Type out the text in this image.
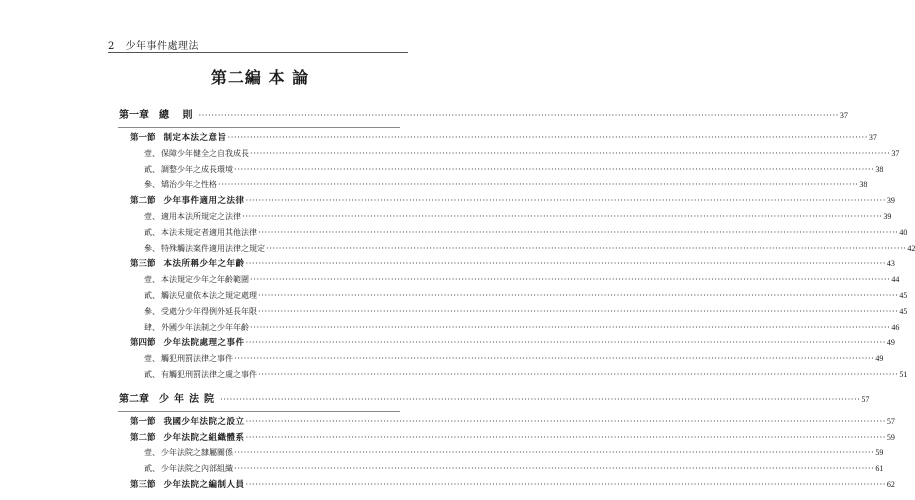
2 少年事件處理法
第二編 本 論
第一章 總 則 ········································································································································································································ 37
第一節 制定本法之意旨 ········································································································································································································ 37
壹、保障少年健全之自我成長 ········································································································································································································ 37
貳、調整少年之成長環境 ········································································································································································································ 38
參、矯治少年之性格 ········································································································································································································ 38
第二節 少年事件適用之法律 ········································································································································································································ 39
壹、適用本法所規定之法律 ········································································································································································································ 39
貳、本法未規定者適用其他法律 ········································································································································································································ 40
參、特殊觸法案件適用法律之規定 ········································································································································································································ 42
第三節 本法所稱少年之年齡 ········································································································································································································ 43
壹、本法規定少年之年齡範圍 ········································································································································································································ 44
貳、觸法兒童依本法之規定處理 ········································································································································································································ 45
參、受處分少年得例外延長年限 ········································································································································································································ 45
肆、外國少年法制之少年年齡 ········································································································································································································ 46
第四節 少年法院處理之事件 ········································································································································································································ 49
壹、觸犯刑罰法律之事件 ········································································································································································································ 49
貳、有觸犯刑罰法律之虞之事件 ········································································································································································································ 51
第二章 少年法院 ········································································································································································································ 57
第一節 我國少年法院之設立 ········································································································································································································ 57
第二節 少年法院之組織體系 ········································································································································································································ 59
壹、少年法院之隸屬關係 ········································································································································································································ 59
貳、少年法院之內部組織 ········································································································································································································ 61
第三節 少年法院之編制人員 ········································································································································································································ 62
